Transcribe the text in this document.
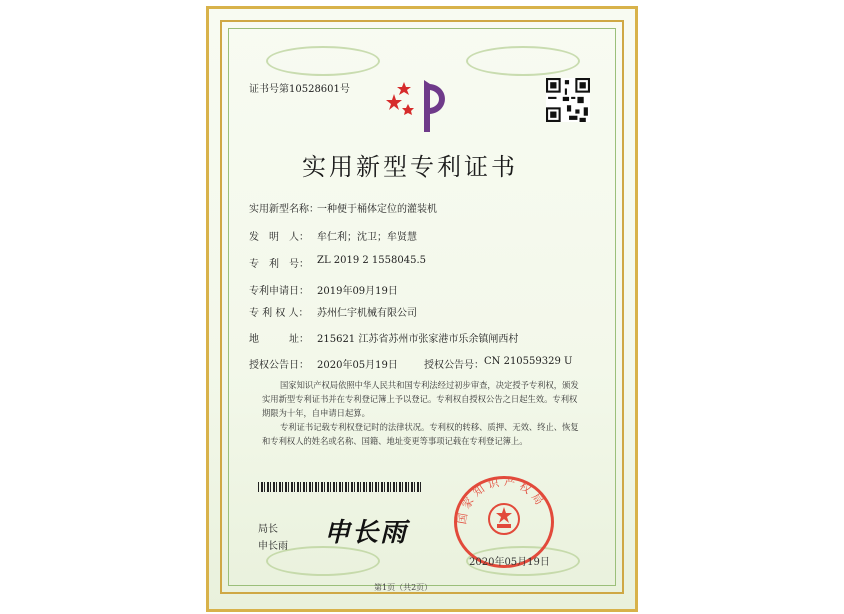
证书号第10528601号
实用新型专利证书
实用新型名称：
一种便于桶体定位的灌装机
发　明　人： 牟仁利；沈卫；牟贤慧
专　利　号： ZL 2019 2 1558045.5
专利申请日： 2019年09月19日
专 利 权 人： 苏州仁宇机械有限公司
地　　　址： 215621 江苏省苏州市张家港市乐余镇闸西村
授权公告日： 2020年05月19日	授权公告号： CN 210559329 U
国家知识产权局依照中华人民共和国专利法经过初步审查，决定授予专利权，颁发实用新型专利证书并在专利登记簿上予以登记。专利权自授权公告之日起生效。专利权期限为十年，自申请日起算。
专利证书记载专利权登记时的法律状况。专利权的转移、质押、无效、终止、恢复和专利权人的姓名或名称、国籍、地址变更等事项记载在专利登记簿上。
局长
申长雨 申长雨
国家知识产权局
2020年05月19日
第1页（共2页）
